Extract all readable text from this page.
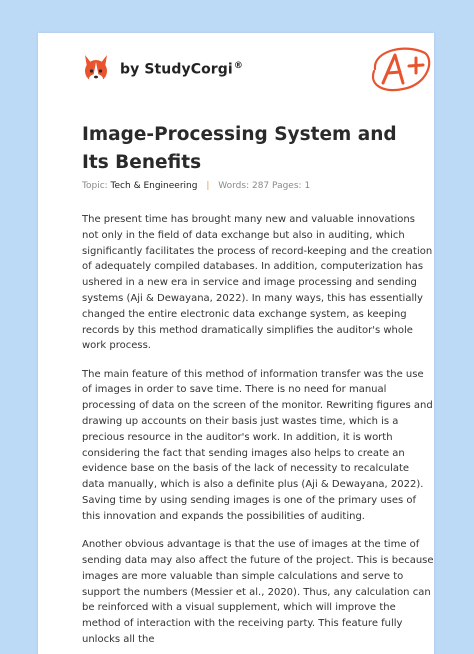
by StudyCorgi®
Image-Processing System and Its Benefits
Topic: Tech & Engineering | Words: 287 Pages: 1

The present time has brought many new and valuable innovations not only in the field of data exchange but also in auditing, which significantly facilitates the process of record-keeping and the creation of adequately compiled databases. In addition, computerization has ushered in a new era in service and image processing and sending systems (Aji & Dewayana, 2022). In many ways, this has essentially changed the entire electronic data exchange system, as keeping records by this method dramatically simplifies the auditor's whole work process.

The main feature of this method of information transfer was the use of images in order to save time. There is no need for manual processing of data on the screen of the monitor. Rewriting figures and drawing up accounts on their basis just wastes time, which is a precious resource in the auditor's work. In addition, it is worth considering the fact that sending images also helps to create an evidence base on the basis of the lack of necessity to recalculate data manually, which is also a definite plus (Aji & Dewayana, 2022). Saving time by using sending images is one of the primary uses of this innovation and expands the possibilities of auditing.

Another obvious advantage is that the use of images at the time of sending data may also affect the future of the project. This is because images are more valuable than simple calculations and serve to support the numbers (Messier et al., 2020). Thus, any calculation can be reinforced with a visual supplement, which will improve the method of interaction with the receiving party. This feature fully unlocks all the
